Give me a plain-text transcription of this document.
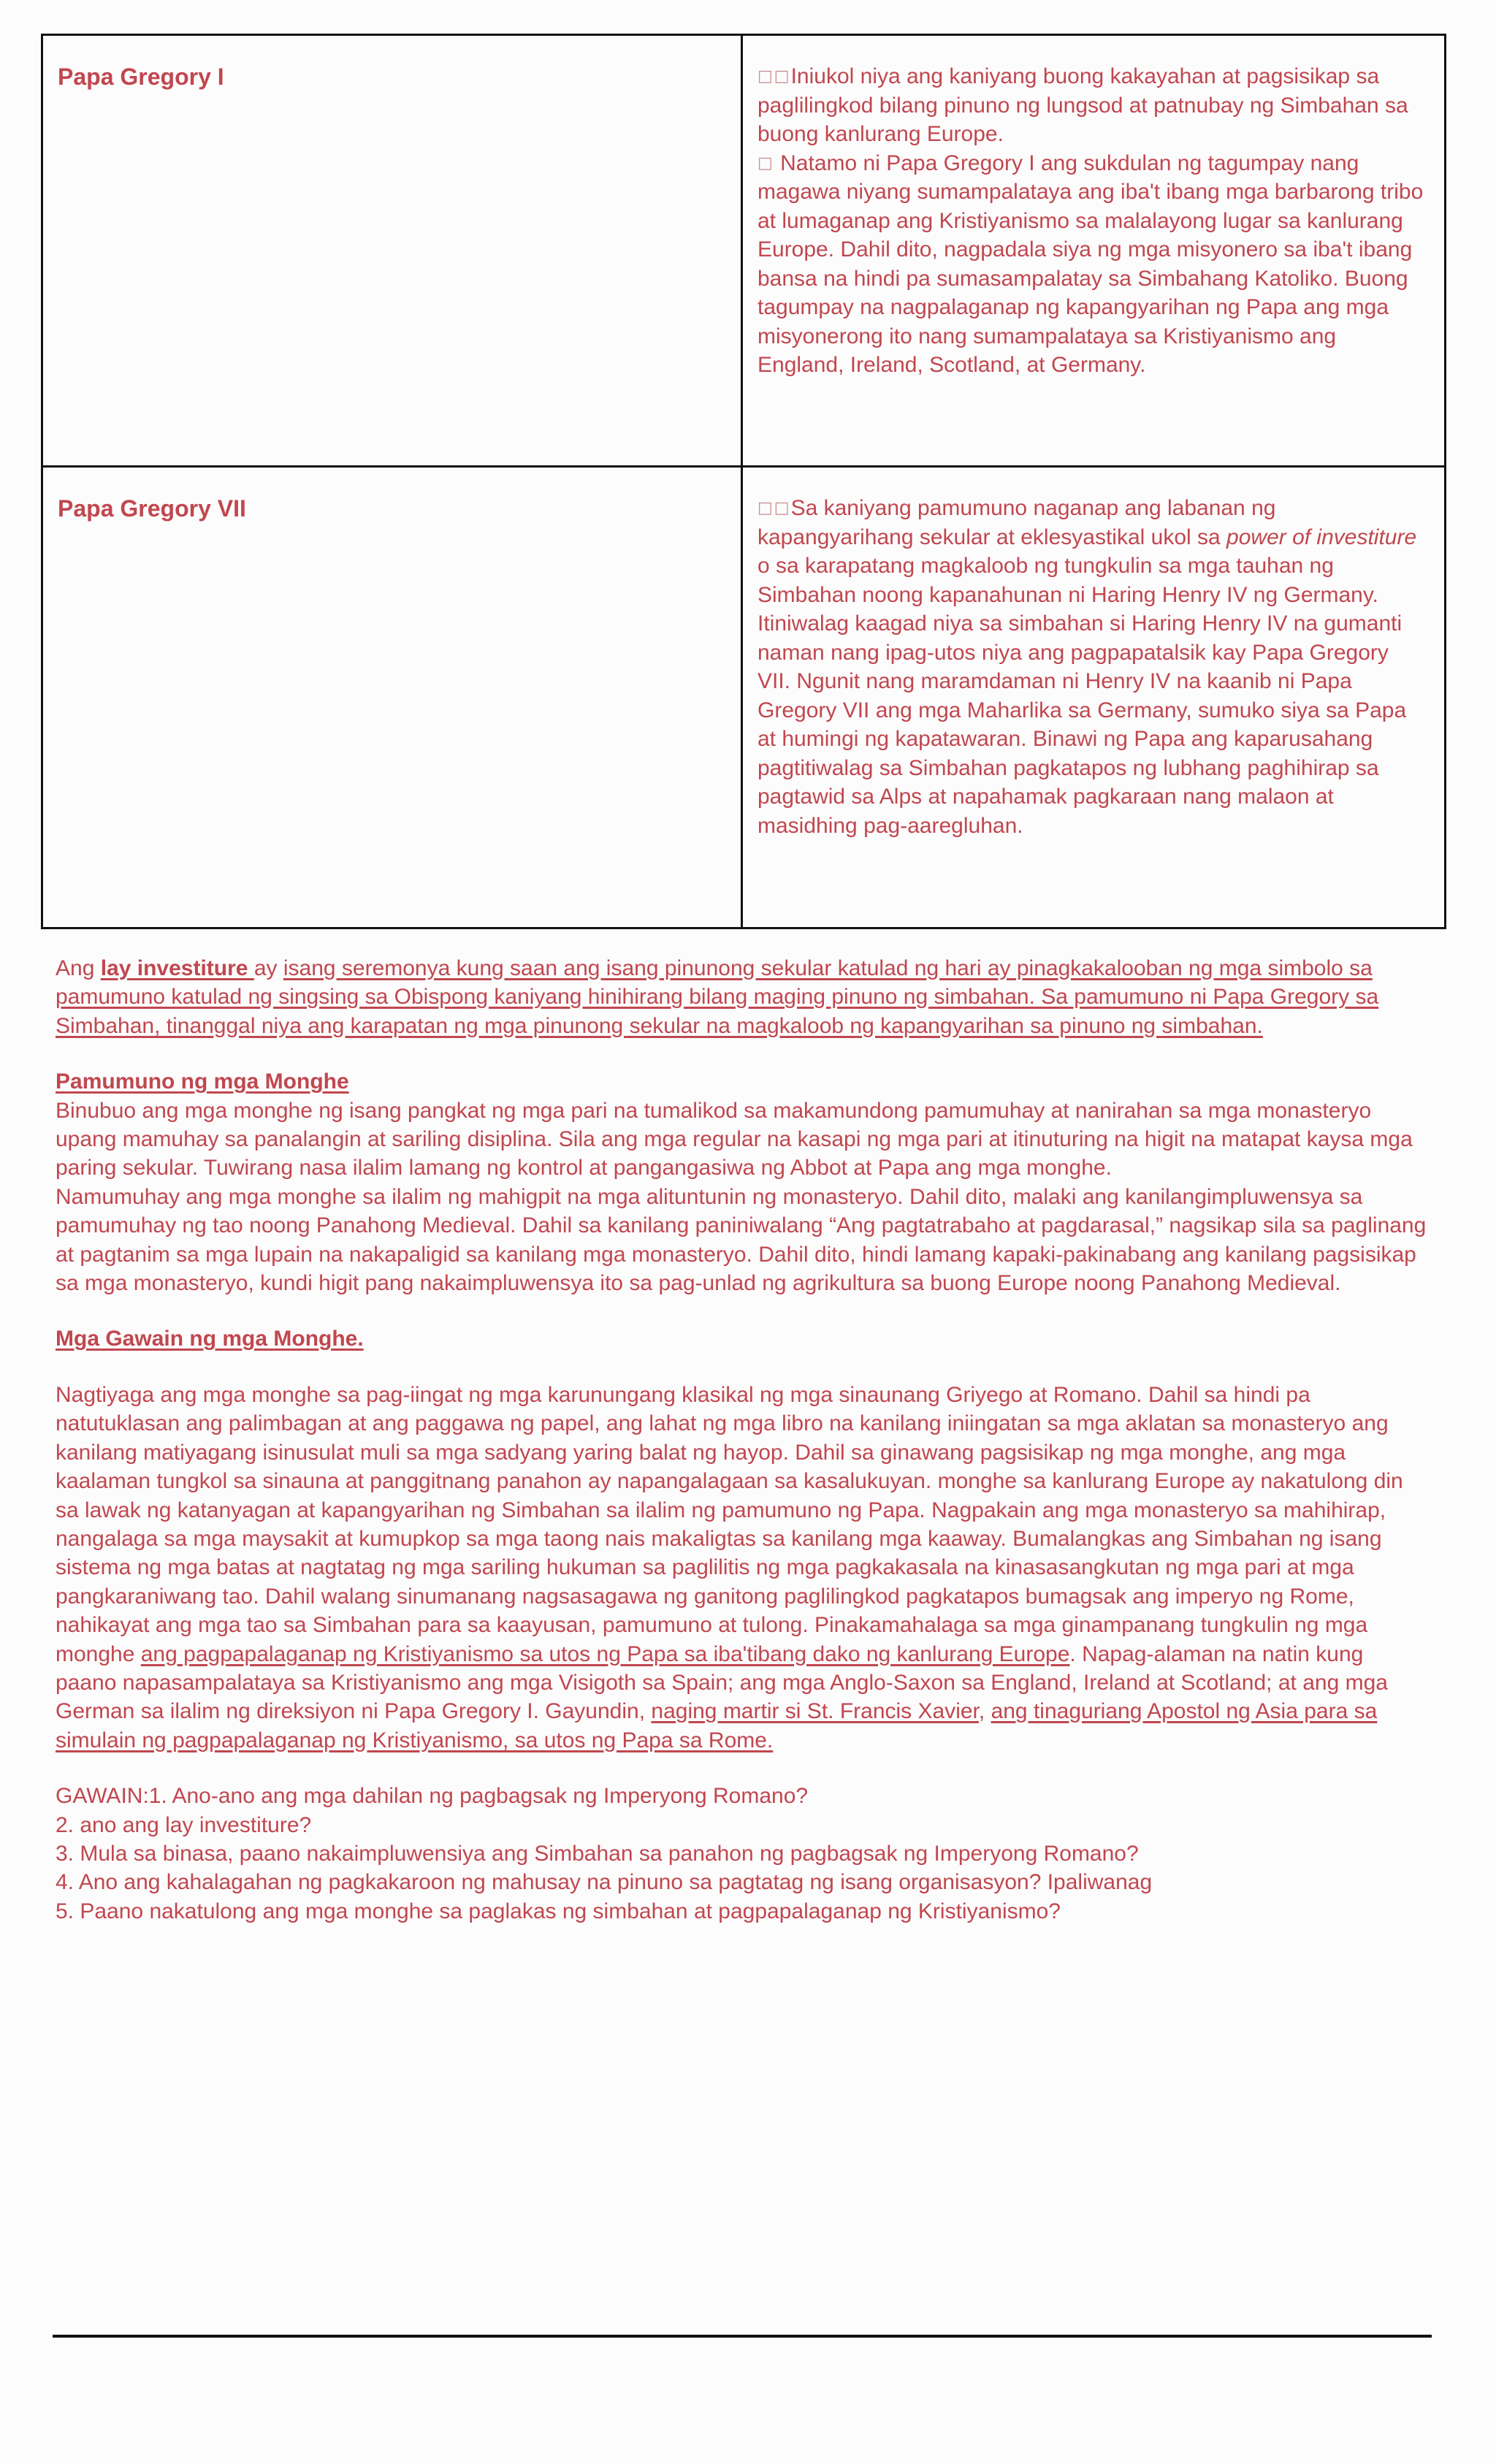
Papa Gregory I	□□Iniukol niya ang kaniyang buong kakayahan at pagsisikap sa paglilingkod bilang pinuno ng lungsod at patnubay ng Simbahan sa buong kanlurang Europe.

□ Natamo ni Papa Gregory I ang sukdulan ng tagumpay nang magawa niyang sumampalataya ang iba't ibang mga barbarong tribo at lumaganap ang Kristiyanismo sa malalayong lugar sa kanlurang Europe. Dahil dito, nagpadala siya ng mga misyonero sa iba't ibang bansa na hindi pa sumasampalatay sa Simbahang Katoliko. Buong tagumpay na nagpalaganap ng kapangyarihan ng Papa ang mga misyonerong ito nang sumampalataya sa Kristiyanismo ang England, Ireland, Scotland, at Germany.

Papa Gregory VII	□□Sa kaniyang pamumuno naganap ang labanan ng kapangyarihang sekular at eklesyastikal ukol sa power of investiture o sa karapatang magkaloob ng tungkulin sa mga tauhan ng Simbahan noong kapanahunan ni Haring Henry IV ng Germany. Itiniwalag kaagad niya sa simbahan si Haring Henry IV na gumanti naman nang ipag-utos niya ang pagpapatalsik kay Papa Gregory VII. Ngunit nang maramdaman ni Henry IV na kaanib ni Papa Gregory VII ang mga Maharlika sa Germany, sumuko siya sa Papa at humingi ng kapatawaran. Binawi ng Papa ang kaparusahang pagtitiwalag sa Simbahan pagkatapos ng lubhang paghihirap sa pagtawid sa Alps at napahamak pagkaraan nang malaon at masidhing pag-aaregluhan.

Ang lay investiture ay isang seremonya kung saan ang isang pinunong sekular katulad ng hari ay pinagkakalooban ng mga simbolo sa pamumuno katulad ng singsing sa Obispong kaniyang hinihirang bilang maging pinuno ng simbahan. Sa pamumuno ni Papa Gregory sa Simbahan, tinanggal niya ang karapatan ng mga pinunong sekular na magkaloob ng kapangyarihan sa pinuno ng simbahan.

Pamumuno ng mga Monghe

Binubuo ang mga monghe ng isang pangkat ng mga pari na tumalikod sa makamundong pamumuhay at nanirahan sa mga monasteryo upang mamuhay sa panalangin at sariling disiplina. Sila ang mga regular na kasapi ng mga pari at itinuturing na higit na matapat kaysa mga paring sekular. Tuwirang nasa ilalim lamang ng kontrol at pangangasiwa ng Abbot at Papa ang mga monghe.

Namumuhay ang mga monghe sa ilalim ng mahigpit na mga alituntunin ng monasteryo. Dahil dito, malaki ang kanilangimpluwensya sa pamumuhay ng tao noong Panahong Medieval. Dahil sa kanilang paniniwalang “Ang pagtatrabaho at pagdarasal,” nagsikap sila sa paglinang at pagtanim sa mga lupain na nakapaligid sa kanilang mga monasteryo. Dahil dito, hindi lamang kapaki-pakinabang ang kanilang pagsisikap sa mga monasteryo, kundi higit pang nakaimpluwensya ito sa pag-unlad ng agrikultura sa buong Europe noong Panahong Medieval.

Mga Gawain ng mga Monghe.

Nagtiyaga ang mga monghe sa pag-iingat ng mga karunungang klasikal ng mga sinaunang Griyego at Romano. Dahil sa hindi pa natutuklasan ang palimbagan at ang paggawa ng papel, ang lahat ng mga libro na kanilang iniingatan sa mga aklatan sa monasteryo ang kanilang matiyagang isinusulat muli sa mga sadyang yaring balat ng hayop. Dahil sa ginawang pagsisikap ng mga monghe, ang mga kaalaman tungkol sa sinauna at panggitnang panahon ay napangalagaan sa kasalukuyan. monghe sa kanlurang Europe ay nakatulong din sa lawak ng katanyagan at kapangyarihan ng Simbahan sa ilalim ng pamumuno ng Papa. Nagpakain ang mga monasteryo sa mahihirap, nangalaga sa mga maysakit at kumupkop sa mga taong nais makaligtas sa kanilang mga kaaway. Bumalangkas ang Simbahan ng isang sistema ng mga batas at nagtatag ng mga sariling hukuman sa paglilitis ng mga pagkakasala na kinasasangkutan ng mga pari at mga pangkaraniwang tao. Dahil walang sinumanang nagsasagawa ng ganitong paglilingkod pagkatapos bumagsak ang imperyo ng Rome, nahikayat ang mga tao sa Simbahan para sa kaayusan, pamumuno at tulong. Pinakamahalaga sa mga ginampanang tungkulin ng mga monghe ang pagpapalaganap ng Kristiyanismo sa utos ng Papa sa iba'tibang dako ng kanlurang Europe. Napag-alaman na natin kung paano napasampalataya sa Kristiyanismo ang mga Visigoth sa Spain; ang mga Anglo-Saxon sa England, Ireland at Scotland; at ang mga German sa ilalim ng direksiyon ni Papa Gregory I. Gayundin, naging martir si St. Francis Xavier, ang tinaguriang Apostol ng Asia para sa simulain ng pagpapalaganap ng Kristiyanismo, sa utos ng Papa sa Rome.

GAWAIN:1. Ano-ano ang mga dahilan ng pagbagsak ng Imperyong Romano?

2. ano ang lay investiture?

3. Mula sa binasa, paano nakaimpluwensiya ang Simbahan sa panahon ng pagbagsak ng Imperyong Romano?

4. Ano ang kahalagahan ng pagkakaroon ng mahusay na pinuno sa pagtatag ng isang organisasyon? Ipaliwanag

5. Paano nakatulong ang mga monghe sa paglakas ng simbahan at pagpapalaganap ng Kristiyanismo?
